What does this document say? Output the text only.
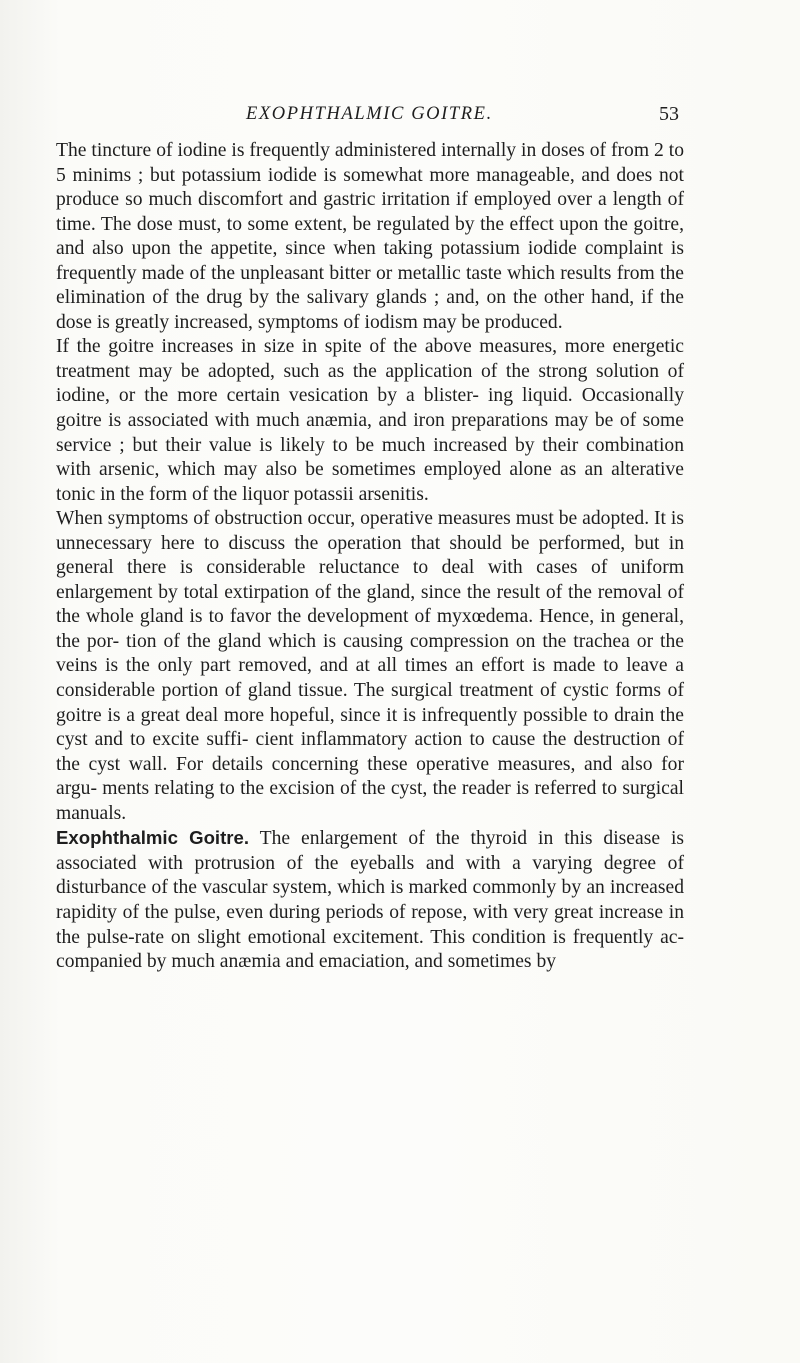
EXOPHTHALMIC GOITRE.	53

The tincture of iodine is frequently administered internally in doses of from 2 to 5 minims ; but potassium iodide is somewhat more manageable, and does not produce so much discomfort and gastric irritation if employed over a length of time. The dose must, to some extent, be regulated by the effect upon the goitre, and also upon the appetite, since when taking potassium iodide complaint is frequently made of the unpleasant bitter or metallic taste which results from the elimination of the drug by the salivary glands ; and, on the other hand, if the dose is greatly increased, symptoms of iodism may be produced.

If the goitre increases in size in spite of the above measures, more energetic treatment may be adopted, such as the application of the strong solution of iodine, or the more certain vesication by a blister- ing liquid. Occasionally goitre is associated with much anæmia, and iron preparations may be of some service ; but their value is likely to be much increased by their combination with arsenic, which may also be sometimes employed alone as an alterative tonic in the form of the liquor potassii arsenitis.

When symptoms of obstruction occur, operative measures must be adopted. It is unnecessary here to discuss the operation that should be performed, but in general there is considerable reluctance to deal with cases of uniform enlargement by total extirpation of the gland, since the result of the removal of the whole gland is to favor the development of myxœdema. Hence, in general, the por- tion of the gland which is causing compression on the trachea or the veins is the only part removed, and at all times an effort is made to leave a considerable portion of gland tissue. The surgical treatment of cystic forms of goitre is a great deal more hopeful, since it is infrequently possible to drain the cyst and to excite suffi- cient inflammatory action to cause the destruction of the cyst wall. For details concerning these operative measures, and also for argu- ments relating to the excision of the cyst, the reader is referred to surgical manuals.

Exophthalmic Goitre. The enlargement of the thyroid in this disease is associated with protrusion of the eyeballs and with a varying degree of disturbance of the vascular system, which is marked commonly by an increased rapidity of the pulse, even during periods of repose, with very great increase in the pulse-rate on slight emotional excitement. This condition is frequently ac- companied by much anæmia and emaciation, and sometimes by
